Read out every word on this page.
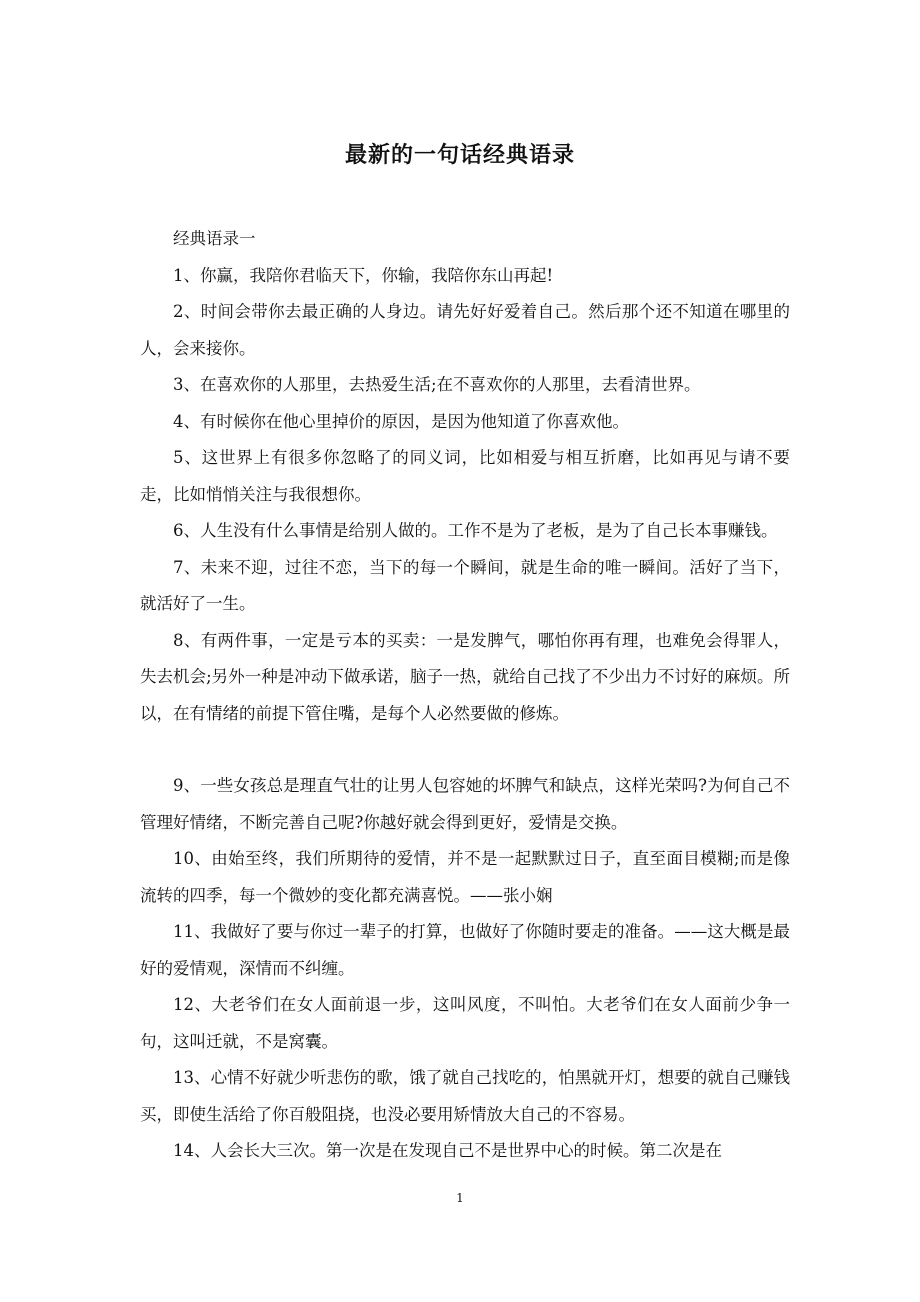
最新的一句话经典语录

经典语录一

1、你赢，我陪你君临天下，你输，我陪你东山再起!

2、时间会带你去最正确的人身边。请先好好爱着自己。然后那个还不知道在哪里的人，会来接你。

3、在喜欢你的人那里，去热爱生活;在不喜欢你的人那里，去看清世界。

4、有时候你在他心里掉价的原因，是因为他知道了你喜欢他。

5、这世界上有很多你忽略了的同义词，比如相爱与相互折磨，比如再见与请不要走，比如悄悄关注与我很想你。

6、人生没有什么事情是给别人做的。工作不是为了老板，是为了自己长本事赚钱。

7、未来不迎，过往不恋，当下的每一个瞬间，就是生命的唯一瞬间。活好了当下，就活好了一生。

8、有两件事，一定是亏本的买卖：一是发脾气，哪怕你再有理，也难免会得罪人，失去机会;另外一种是冲动下做承诺，脑子一热，就给自己找了不少出力不讨好的麻烦。所以，在有情绪的前提下管住嘴，是每个人必然要做的修炼。

9、一些女孩总是理直气壮的让男人包容她的坏脾气和缺点，这样光荣吗?为何自己不管理好情绪，不断完善自己呢?你越好就会得到更好，爱情是交换。

10、由始至终，我们所期待的爱情，并不是一起默默过日子，直至面目模糊;而是像流转的四季，每一个微妙的变化都充满喜悦。——张小娴

11、我做好了要与你过一辈子的打算，也做好了你随时要走的准备。——这大概是最好的爱情观，深情而不纠缠。

12、大老爷们在女人面前退一步，这叫风度，不叫怕。大老爷们在女人面前少争一句，这叫迁就，不是窝囊。

13、心情不好就少听悲伤的歌，饿了就自己找吃的，怕黑就开灯，想要的就自己赚钱买，即使生活给了你百般阻挠，也没必要用矫情放大自己的不容易。

14、人会长大三次。第一次是在发现自己不是世界中心的时候。第二次是在

1
